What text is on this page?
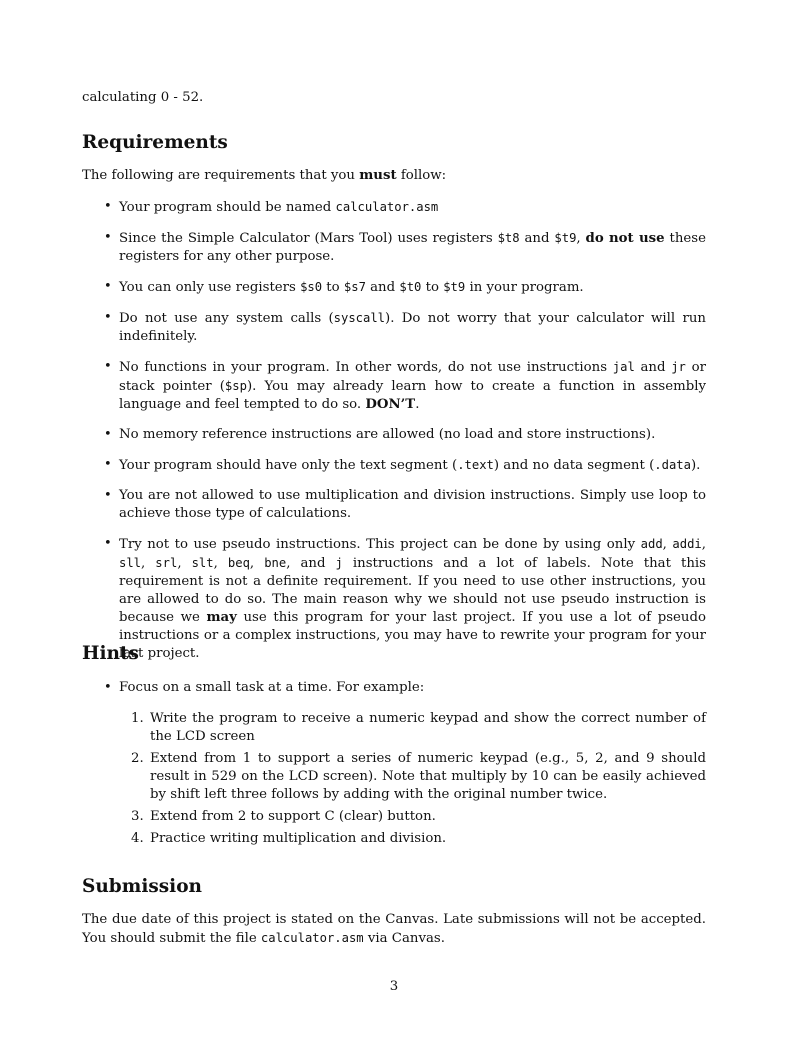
calculating 0 - 52.

Requirements

The following are requirements that you must follow:

• Your program should be named calculator.asm
• Since the Simple Calculator (Mars Tool) uses registers $t8 and $t9, do not use these registers for any other purpose.
• You can only use registers $s0 to $s7 and $t0 to $t9 in your program.
• Do not use any system calls (syscall). Do not worry that your calculator will run indefinitely.
• No functions in your program. In other words, do not use instructions jal and jr or stack pointer ($sp). You may already learn how to create a function in assembly language and feel tempted to do so. DON’T.
• No memory reference instructions are allowed (no load and store instructions).
• Your program should have only the text segment (.text) and no data segment (.data).
• You are not allowed to use multiplication and division instructions. Simply use loop to achieve those type of calculations.
• Try not to use pseudo instructions. This project can be done by using only add, addi, sll, srl, slt, beq, bne, and j instructions and a lot of labels. Note that this requirement is not a definite requirement. If you need to use other instructions, you are allowed to do so. The main reason why we should not use pseudo instruction is because we may use this program for your last project. If you use a lot of pseudo instructions or a complex instructions, you may have to rewrite your program for your last project.
Hints
• Focus on a small task at a time. For example:
1. Write the program to receive a numeric keypad and show the correct number of the LCD screen
2. Extend from 1 to support a series of numeric keypad (e.g., 5, 2, and 9 should result in 529 on the LCD screen). Note that multiply by 10 can be easily achieved by shift left three follows by adding with the original number twice.
3. Extend from 2 to support C (clear) button.
4. Practice writing multiplication and division.
Submission

The due date of this project is stated on the Canvas. Late submissions will not be accepted. You should submit the file calculator.asm via Canvas.

3
